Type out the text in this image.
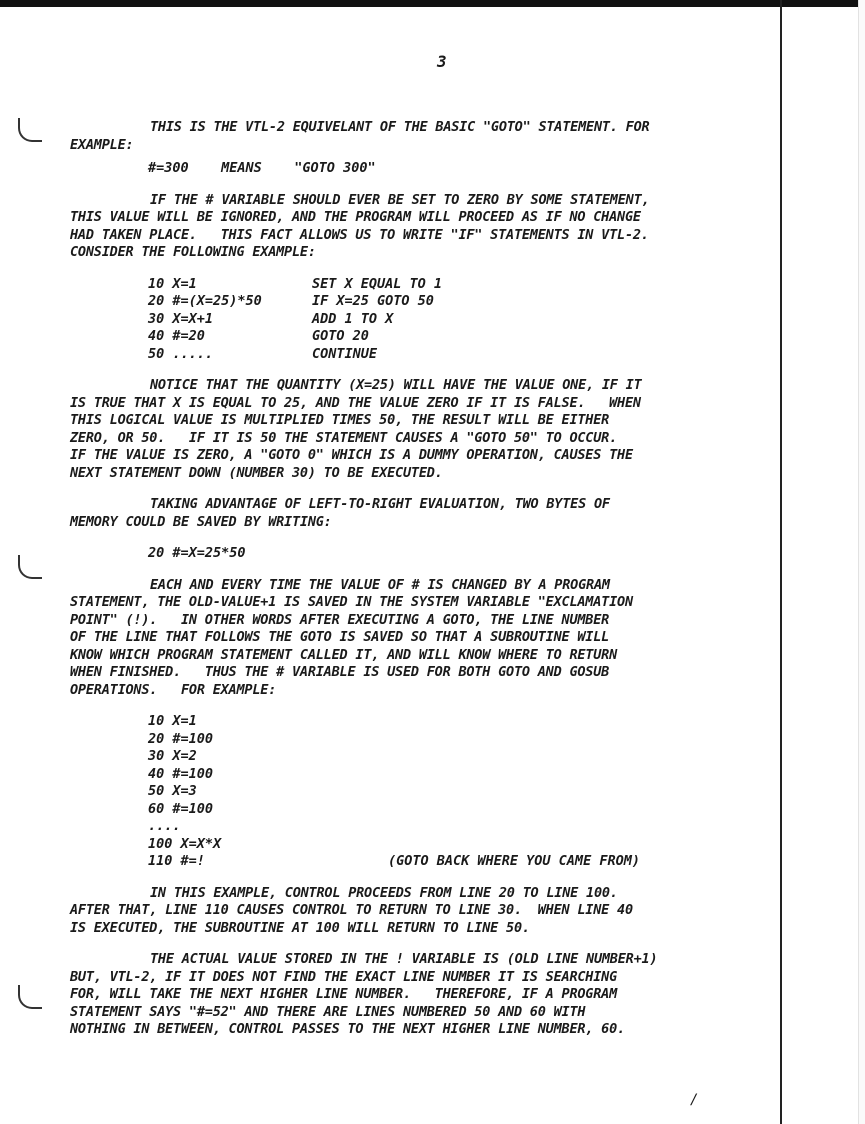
3
/
THIS IS THE VTL-2 EQUIVELANT OF THE BASIC "GOTO" STATEMENT. FOR
EXAMPLE:
#=300    MEANS    "GOTO 300"
IF THE # VARIABLE SHOULD EVER BE SET TO ZERO BY SOME STATEMENT,
THIS VALUE WILL BE IGNORED, AND THE PROGRAM WILL PROCEED AS IF NO CHANGE
HAD TAKEN PLACE.   THIS FACT ALLOWS US TO WRITE "IF" STATEMENTS IN VTL-2.
CONSIDER THE FOLLOWING EXAMPLE:
10 X=1	SET X EQUAL TO 1
20 #=(X=25)*50	IF X=25 GOTO 50
30 X=X+1	ADD 1 TO X
40 #=20	GOTO 20
50 .....	CONTINUE
NOTICE THAT THE QUANTITY (X=25) WILL HAVE THE VALUE ONE, IF IT
IS TRUE THAT X IS EQUAL TO 25, AND THE VALUE ZERO IF IT IS FALSE.   WHEN
THIS LOGICAL VALUE IS MULTIPLIED TIMES 50, THE RESULT WILL BE EITHER
ZERO, OR 50.   IF IT IS 50 THE STATEMENT CAUSES A "GOTO 50" TO OCCUR.
IF THE VALUE IS ZERO, A "GOTO 0" WHICH IS A DUMMY OPERATION, CAUSES THE
NEXT STATEMENT DOWN (NUMBER 30) TO BE EXECUTED.
TAKING ADVANTAGE OF LEFT-TO-RIGHT EVALUATION, TWO BYTES OF
MEMORY COULD BE SAVED BY WRITING:
20 #=X=25*50
EACH AND EVERY TIME THE VALUE OF # IS CHANGED BY A PROGRAM
STATEMENT, THE OLD-VALUE+1 IS SAVED IN THE SYSTEM VARIABLE "EXCLAMATION
POINT" (!).   IN OTHER WORDS AFTER EXECUTING A GOTO, THE LINE NUMBER
OF THE LINE THAT FOLLOWS THE GOTO IS SAVED SO THAT A SUBROUTINE WILL
KNOW WHICH PROGRAM STATEMENT CALLED IT, AND WILL KNOW WHERE TO RETURN
WHEN FINISHED.   THUS THE # VARIABLE IS USED FOR BOTH GOTO AND GOSUB
OPERATIONS.   FOR EXAMPLE:
10 X=1
20 #=100
30 X=2
40 #=100
50 X=3
60 #=100
....
100 X=X*X
110 #=!	(GOTO BACK WHERE YOU CAME FROM)
IN THIS EXAMPLE, CONTROL PROCEEDS FROM LINE 20 TO LINE 100.
AFTER THAT, LINE 110 CAUSES CONTROL TO RETURN TO LINE 30.  WHEN LINE 40
IS EXECUTED, THE SUBROUTINE AT 100 WILL RETURN TO LINE 50.
THE ACTUAL VALUE STORED IN THE ! VARIABLE IS (OLD LINE NUMBER+1)
BUT, VTL-2, IF IT DOES NOT FIND THE EXACT LINE NUMBER IT IS SEARCHING
FOR, WILL TAKE THE NEXT HIGHER LINE NUMBER.   THEREFORE, IF A PROGRAM
STATEMENT SAYS "#=52" AND THERE ARE LINES NUMBERED 50 AND 60 WITH
NOTHING IN BETWEEN, CONTROL PASSES TO THE NEXT HIGHER LINE NUMBER, 60.
